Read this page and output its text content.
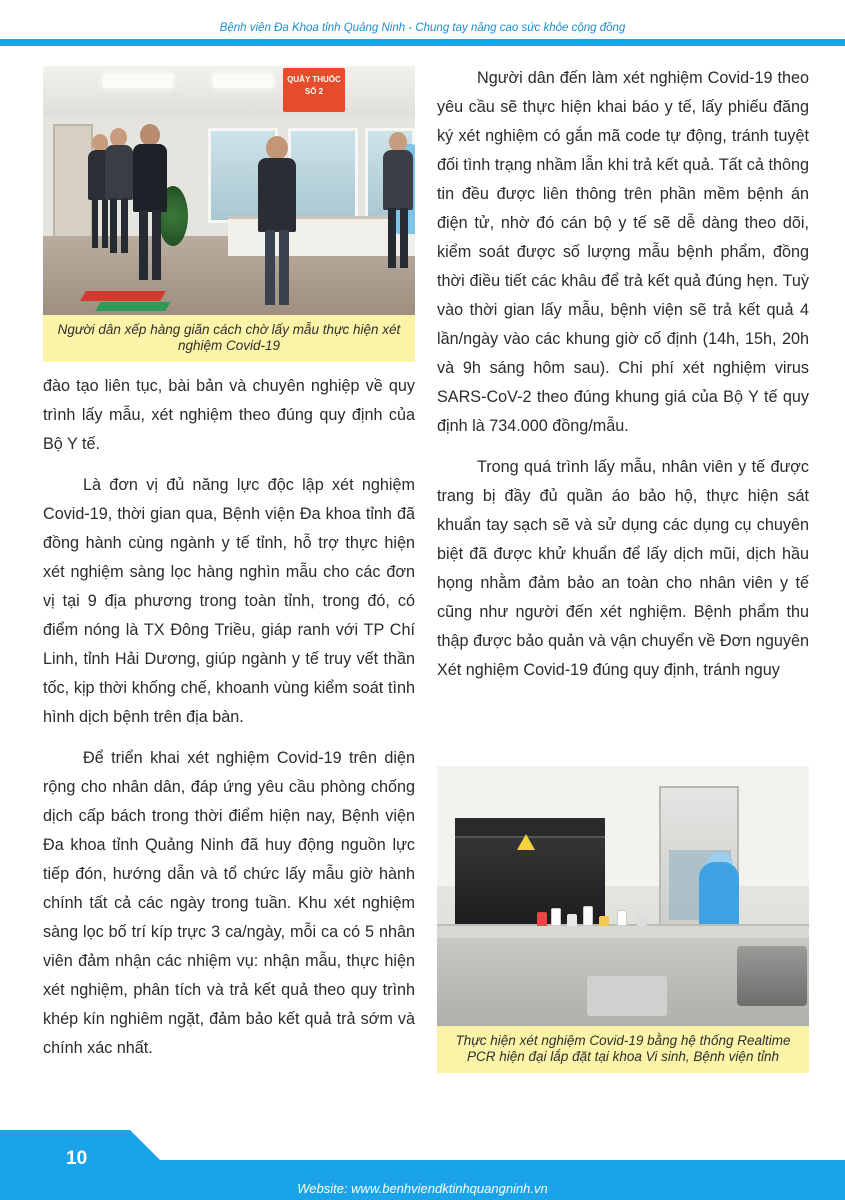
Bệnh viện Đa Khoa tỉnh Quảng Ninh - Chung tay nâng cao sức khỏe cộng đồng
QUẦY THUỐC SỐ 2
Người dân xếp hàng giãn cách chờ lấy mẫu thực hiện xét nghiệm Covid-19

đào tạo liên tục, bài bản và chuyên nghiệp về quy trình lấy mẫu, xét nghiệm theo đúng quy định của Bộ Y tế.

Là đơn vị đủ năng lực độc lập xét nghiệm Covid-19, thời gian qua, Bệnh viện Đa khoa tỉnh đã đồng hành cùng ngành y tế tỉnh, hỗ trợ thực hiện xét nghiệm sàng lọc hàng nghìn mẫu cho các đơn vị tại 9 địa phương trong toàn tỉnh, trong đó, có điểm nóng là TX Đông Triều, giáp ranh với TP Chí Linh, tỉnh Hải Dương, giúp ngành y tế truy vết thần tốc, kịp thời khống chế, khoanh vùng kiểm soát tình hình dịch bệnh trên địa bàn.

Để triển khai xét nghiệm Covid-19 trên diện rộng cho nhân dân, đáp ứng yêu cầu phòng chống dịch cấp bách trong thời điểm hiện nay, Bệnh viện Đa khoa tỉnh Quảng Ninh đã huy động nguồn lực tiếp đón, hướng dẫn và tổ chức lấy mẫu giờ hành chính tất cả các ngày trong tuần. Khu xét nghiệm sàng lọc bố trí kíp trực 3 ca/ngày, mỗi ca có 5 nhân viên đảm nhận các nhiệm vụ: nhận mẫu, thực hiện xét nghiệm, phân tích và trả kết quả theo quy trình khép kín nghiêm ngặt, đảm bảo kết quả trả sớm và chính xác nhất.

Người dân đến làm xét nghiệm Covid-19 theo yêu cầu sẽ thực hiện khai báo y tế, lấy phiếu đăng ký xét nghiệm có gắn mã code tự động, tránh tuyệt đối tình trạng nhầm lẫn khi trả kết quả. Tất cả thông tin đều được liên thông trên phần mềm bệnh án điện tử, nhờ đó cán bộ y tế sẽ dễ dàng theo dõi, kiểm soát được số lượng mẫu bệnh phẩm, đồng thời điều tiết các khâu để trả kết quả đúng hẹn. Tuỳ vào thời gian lấy mẫu, bệnh viện sẽ trả kết quả 4 lần/ngày vào các khung giờ cố định (14h, 15h, 20h và 9h sáng hôm sau). Chi phí xét nghiệm virus SARS-CoV-2 theo đúng khung giá của Bộ Y tế quy định là 734.000 đồng/mẫu.

Trong quá trình lấy mẫu, nhân viên y tế được trang bị đầy đủ quần áo bảo hộ, thực hiện sát khuẩn tay sạch sẽ và sử dụng các dụng cụ chuyên biệt đã được khử khuẩn để lấy dịch mũi, dịch hầu họng nhằm đảm bảo an toàn cho nhân viên y tế cũng như người đến xét nghiệm. Bệnh phẩm thu thập được bảo quản và vận chuyển về Đơn nguyên Xét nghiệm Covid-19 đúng quy định, tránh nguy

Thực hiện xét nghiệm Covid-19 bằng hệ thống Realtime PCR hiện đại lắp đặt tại khoa Vi sinh, Bệnh viện tỉnh
10
Website: www.benhviendktinhquangninh.vn
